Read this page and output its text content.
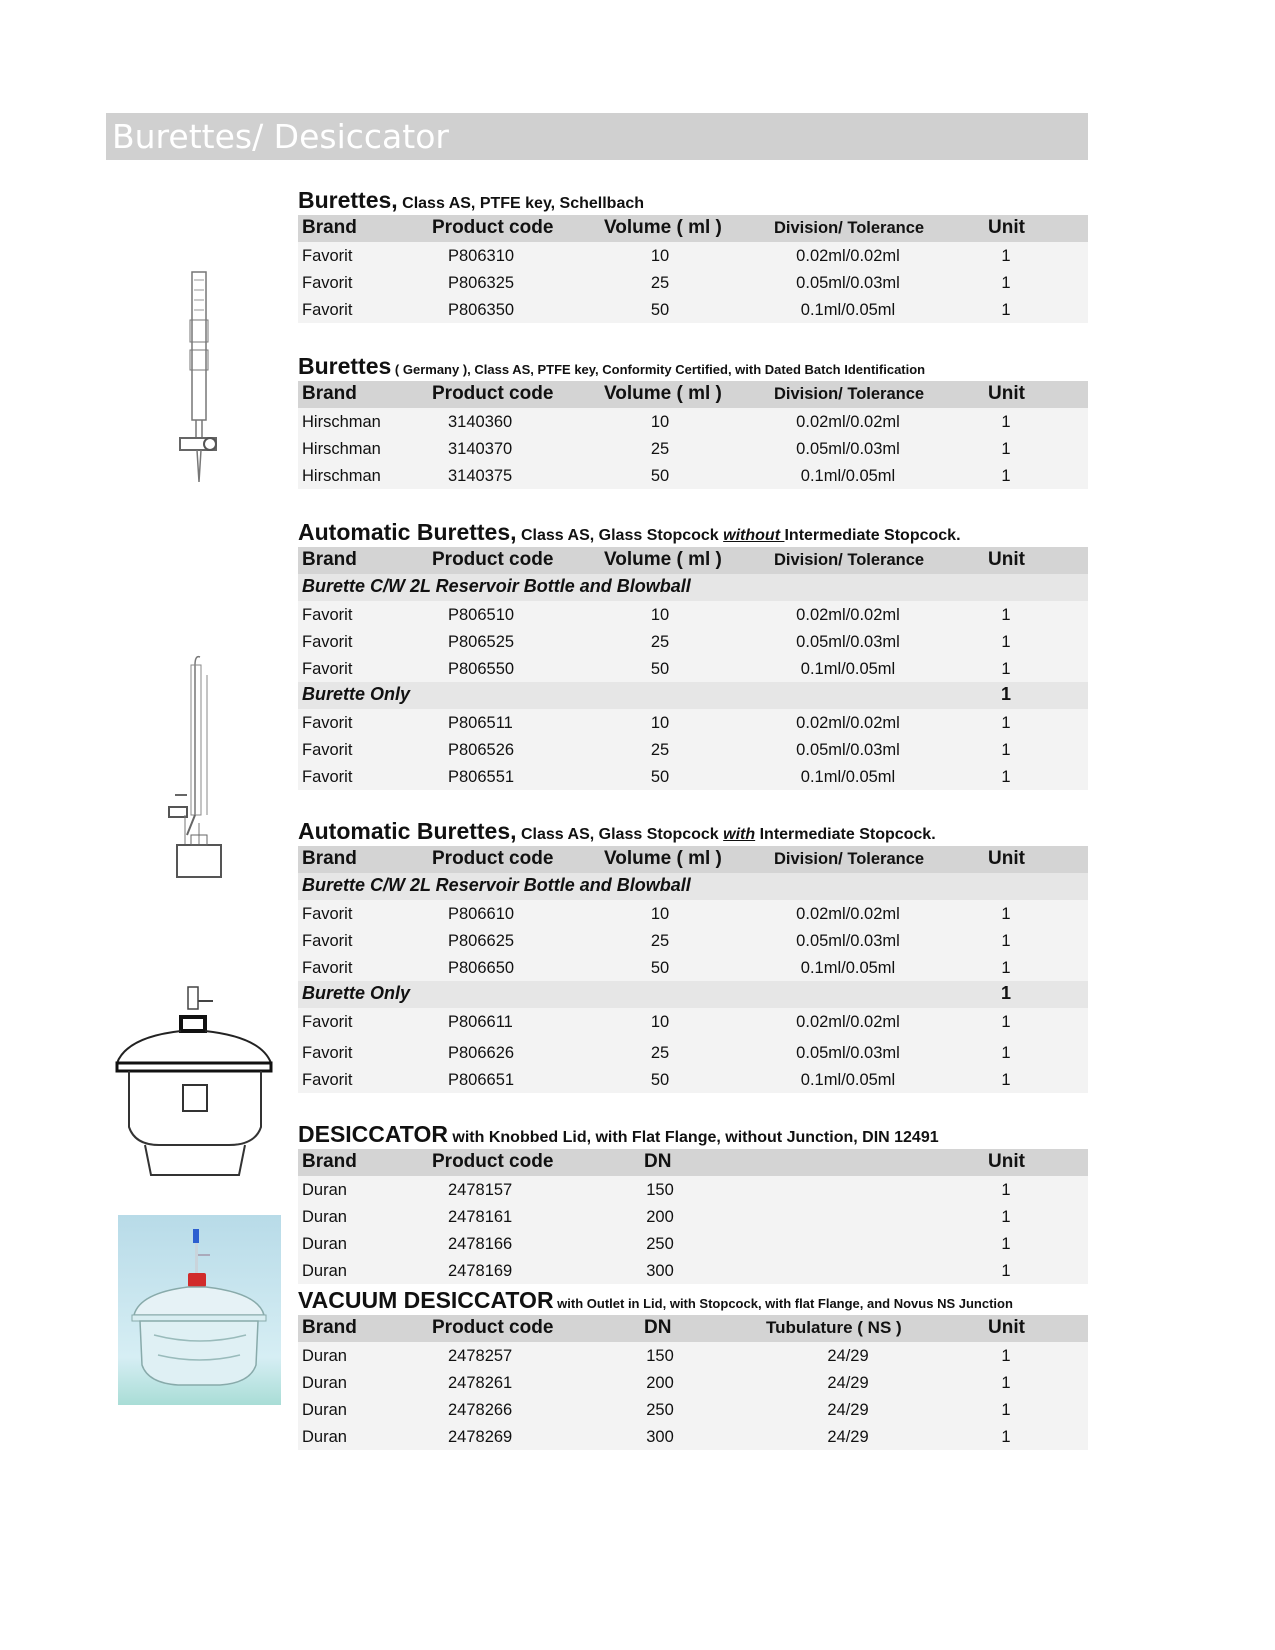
Burettes/ Desiccator
Burettes, Class AS, PTFE key, Schellbach
Brand	Product code	Volume ( ml )	Division/ Tolerance	Unit
Favorit	P806310	10	0.02ml/0.02ml	1
Favorit	P806325	25	0.05ml/0.03ml	1
Favorit	P806350	50	0.1ml/0.05ml	1
Burettes ( Germany ), Class AS, PTFE key, Conformity Certified, with Dated Batch Identification
Brand	Product code	Volume ( ml )	Division/ Tolerance	Unit
Hirschman	3140360	10	0.02ml/0.02ml	1
Hirschman	3140370	25	0.05ml/0.03ml	1
Hirschman	3140375	50	0.1ml/0.05ml	1
Automatic Burettes, Class AS, Glass Stopcock without Intermediate Stopcock.
Brand	Product code	Volume ( ml )	Division/ Tolerance	Unit
Burette C/W 2L Reservoir Bottle and Blowball
Favorit	P806510	10	0.02ml/0.02ml	1
Favorit	P806525	25	0.05ml/0.03ml	1
Favorit	P806550	50	0.1ml/0.05ml	1
Burette Only	1
Favorit	P806511	10	0.02ml/0.02ml	1
Favorit	P806526	25	0.05ml/0.03ml	1
Favorit	P806551	50	0.1ml/0.05ml	1
Automatic Burettes, Class AS, Glass Stopcock with Intermediate Stopcock.
Brand	Product code	Volume ( ml )	Division/ Tolerance	Unit
Burette C/W 2L Reservoir Bottle and Blowball
Favorit	P806610	10	0.02ml/0.02ml	1
Favorit	P806625	25	0.05ml/0.03ml	1
Favorit	P806650	50	0.1ml/0.05ml	1
Burette Only	1
Favorit	P806611	10	0.02ml/0.02ml	1
Favorit	P806626	25	0.05ml/0.03ml	1
Favorit	P806651	50	0.1ml/0.05ml	1
DESICCATOR with Knobbed Lid, with Flat Flange, without Junction, DIN 12491
Brand	Product code	DN	Unit
Duran	2478157	150	1
Duran	2478161	200	1
Duran	2478166	250	1
Duran	2478169	300	1
VACUUM DESICCATOR with Outlet in Lid, with Stopcock, with flat Flange, and Novus NS Junction
Brand	Product code	DN	Tubulature ( NS )	Unit
Duran	2478257	150	24/29	1
Duran	2478261	200	24/29	1
Duran	2478266	250	24/29	1
Duran	2478269	300	24/29	1
